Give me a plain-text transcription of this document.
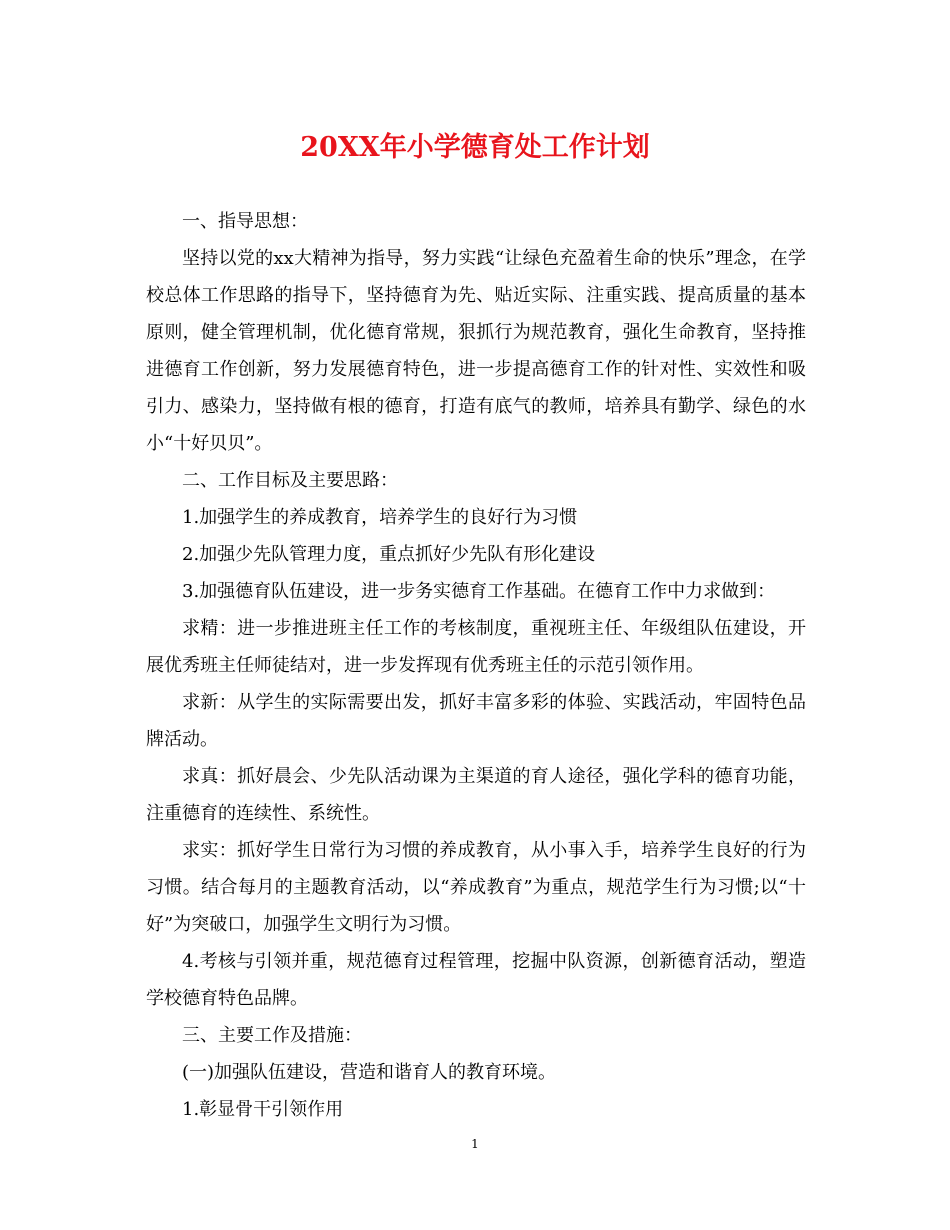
20XX年小学德育处工作计划

一、指导思想：

坚持以党的xx大精神为指导，努力实践“让绿色充盈着生命的快乐”理念，在学校总体工作思路的指导下，坚持德育为先、贴近实际、注重实践、提高质量的基本原则，健全管理机制，优化德育常规，狠抓行为规范教育，强化生命教育，坚持推进德育工作创新，努力发展德育特色，进一步提高德育工作的针对性、实效性和吸引力、感染力，坚持做有根的德育，打造有底气的教师，培养具有勤学、绿色的水小“十好贝贝”。

二、工作目标及主要思路：

1.加强学生的养成教育，培养学生的良好行为习惯

2.加强少先队管理力度，重点抓好少先队有形化建设

3.加强德育队伍建设，进一步务实德育工作基础。在德育工作中力求做到：

求精：进一步推进班主任工作的考核制度，重视班主任、年级组队伍建设，开展优秀班主任师徒结对，进一步发挥现有优秀班主任的示范引领作用。

求新：从学生的实际需要出发，抓好丰富多彩的体验、实践活动，牢固特色品牌活动。

求真：抓好晨会、少先队活动课为主渠道的育人途径，强化学科的德育功能，注重德育的连续性、系统性。

求实：抓好学生日常行为习惯的养成教育，从小事入手，培养学生良好的行为习惯。结合每月的主题教育活动，以“养成教育”为重点，规范学生行为习惯;以“十好”为突破口，加强学生文明行为习惯。

4.考核与引领并重，规范德育过程管理，挖掘中队资源，创新德育活动，塑造学校德育特色品牌。

三、主要工作及措施：

(一)加强队伍建设，营造和谐育人的教育环境。

1.彰显骨干引领作用

1
